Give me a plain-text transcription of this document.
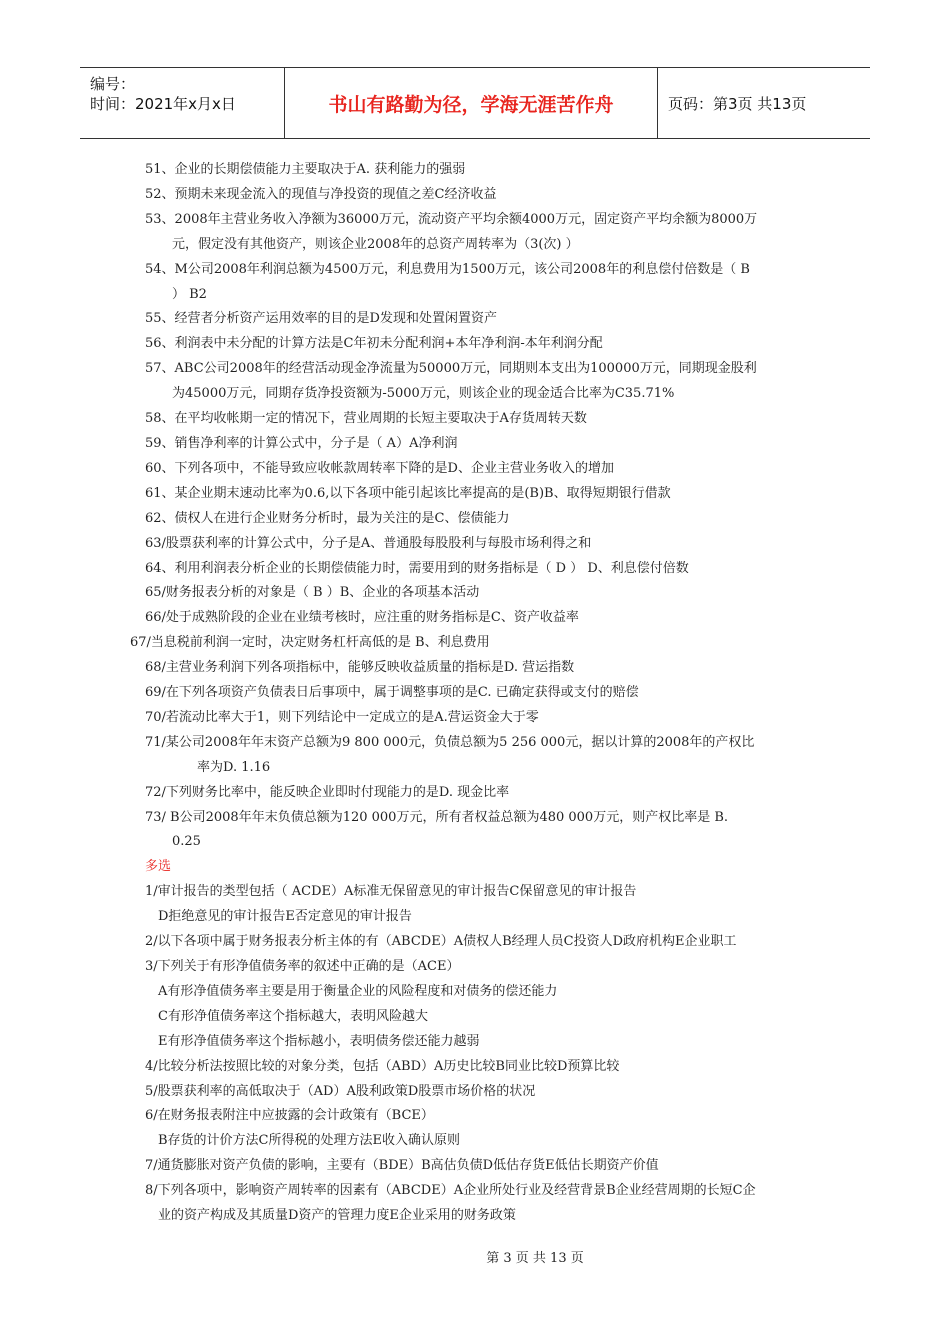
编号：
时间：2021年x月x日	书山有路勤为径，学海无涯苦作舟	页码：第3页 共13页
51、企业的长期偿债能力主要取决于A. 获利能力的强弱
52、预期未来现金流入的现值与净投资的现值之差C经济收益
53、2008年主营业务收入净额为36000万元，流动资产平均余额4000万元，固定资产平均余额为8000万
元，假定没有其他资产，则该企业2008年的总资产周转率为（3(次) ）
54、M公司2008年利润总额为4500万元，利息费用为1500万元，该公司2008年的利息偿付倍数是（ B
） B2
55、经营者分析资产运用效率的目的是D发现和处置闲置资产
56、利润表中未分配的计算方法是C年初未分配利润+本年净利润-本年利润分配
57、ABC公司2008年的经营活动现金净流量为50000万元，同期则本支出为100000万元，同期现金股利
为45000万元，同期存货净投资额为-5000万元，则该企业的现金适合比率为C35.71%
58、在平均收帐期一定的情况下，营业周期的长短主要取决于A存货周转天数
59、销售净利率的计算公式中，分子是（ A）A净利润
60、下列各项中，不能导致应收帐款周转率下降的是D、企业主营业务收入的增加
61、某企业期末速动比率为0.6,以下各项中能引起该比率提高的是(B)B、取得短期银行借款
62、债权人在进行企业财务分析时，最为关注的是C、偿债能力
63/股票获利率的计算公式中，分子是A、普通股每股股利与每股市场利得之和
64、利用利润表分析企业的长期偿债能力时，需要用到的财务指标是（ D ） D、利息偿付倍数
65/财务报表分析的对象是（ B ）B、企业的各项基本活动
66/处于成熟阶段的企业在业绩考核时，应注重的财务指标是C、资产收益率
67/当息税前利润一定时，决定财务杠杆高低的是 B、利息费用
68/主营业务利润下列各项指标中，能够反映收益质量的指标是D. 营运指数
69/在下列各项资产负债表日后事项中，属于调整事项的是C. 已确定获得或支付的赔偿
70/若流动比率大于1，则下列结论中一定成立的是A.营运资金大于零
71/某公司2008年年末资产总额为9 800 000元，负债总额为5 256 000元，据以计算的2008年的产权比
率为D. 1.16
72/下列财务比率中，能反映企业即时付现能力的是D. 现金比率
73/ B公司2008年年末负债总额为120 000万元，所有者权益总额为480 000万元，则产权比率是 B.
0.25
多选
1/审计报告的类型包括（ ACDE）A标准无保留意见的审计报告C保留意见的审计报告
D拒绝意见的审计报告E否定意见的审计报告
2/以下各项中属于财务报表分析主体的有（ABCDE）A债权人B经理人员C投资人D政府机构E企业职工
3/下列关于有形净值债务率的叙述中正确的是（ACE）
A有形净值债务率主要是用于衡量企业的风险程度和对债务的偿还能力
C有形净值债务率这个指标越大，表明风险越大
E有形净值债务率这个指标越小，表明债务偿还能力越弱
4/比较分析法按照比较的对象分类，包括（ABD）A历史比较B同业比较D预算比较
5/股票获利率的高低取决于（AD）A股利政策D股票市场价格的状况
6/在财务报表附注中应披露的会计政策有（BCE）
B存货的计价方法C所得税的处理方法E收入确认原则
7/通货膨胀对资产负债的影响，主要有（BDE）B高估负债D低估存货E低估长期资产价值
8/下列各项中，影响资产周转率的因素有（ABCDE）A企业所处行业及经营背景B企业经营周期的长短C企
业的资产构成及其质量D资产的管理力度E企业采用的财务政策
第 3 页 共 13 页
